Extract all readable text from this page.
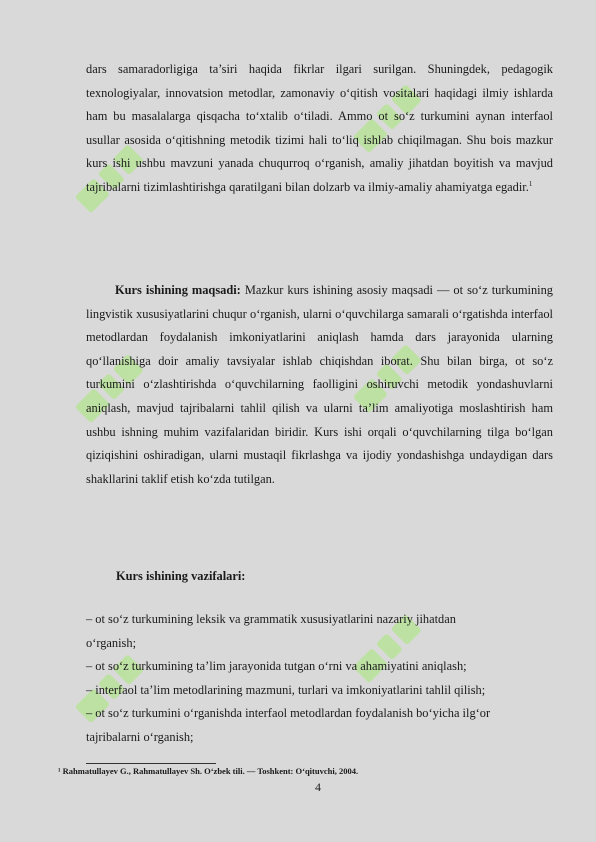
dars samaradorligiga ta’siri haqida fikrlar ilgari surilgan. Shuningdek, pedagogik texnologiyalar, innovatsion metodlar, zamonaviy o‘qitish vositalari haqidagi ilmiy ishlarda ham bu masalalarga qisqacha to‘xtalib o‘tiladi. Ammo ot so‘z turkumini aynan interfaol usullar asosida o‘qitishning metodik tizimi hali to‘liq ishlab chiqilmagan. Shu bois mazkur kurs ishi ushbu mavzuni yanada chuqurroq o‘rganish, amaliy jihatdan boyitish va mavjud tajribalarni tizimlashtirishga qaratilgani bilan dolzarb va ilmiy-amaliy ahamiyatga egadir.$^1$
Kurs ishining maqsadi: Mazkur kurs ishining asosiy maqsadi — ot so‘z turkumining lingvistik xususiyatlarini chuqur o‘rganish, ularni o‘quvchilarga samarali o‘rgatishda interfaol metodlardan foydalanish imkoniyatlarini aniqlash hamda dars jarayonida ularning qo‘llanishiga doir amaliy tavsiyalar ishlab chiqishdan iborat. Shu bilan birga, ot so‘z turkumini o‘zlashtirishda o‘quvchilarning faolligini oshiruvchi metodik yondashuvlarni aniqlash, mavjud tajribalarni tahlil qilish va ularni ta’lim amaliyotiga moslashtirish ham ushbu ishning muhim vazifalaridan biridir. Kurs ishi orqali o‘quvchilarning tilga bo‘lgan qiziqishini oshiradigan, ularni mustaqil fikrlashga va ijodiy yondashishga undaydigan dars shakllarini taklif etish ko‘zda tutilgan.
Kurs ishining vazifalari:
– ot so‘z turkumining leksik va grammatik xususiyatlarini nazariy jihatdan
o‘rganish;
– ot so‘z turkumining ta’lim jarayonida tutgan o‘rni va ahamiyatini aniqlash;
– interfaol ta’lim metodlarining mazmuni, turlari va imkoniyatlarini tahlil qilish;
– ot so‘z turkumini o‘rganishda interfaol metodlardan foydalanish bo‘yicha ilg‘or
tajribalarni o‘rganish;
¹ Rahmatullayev G., Rahmatullayev Sh. O‘zbek tili. — Toshkent: O‘qituvchi, 2004.
4
